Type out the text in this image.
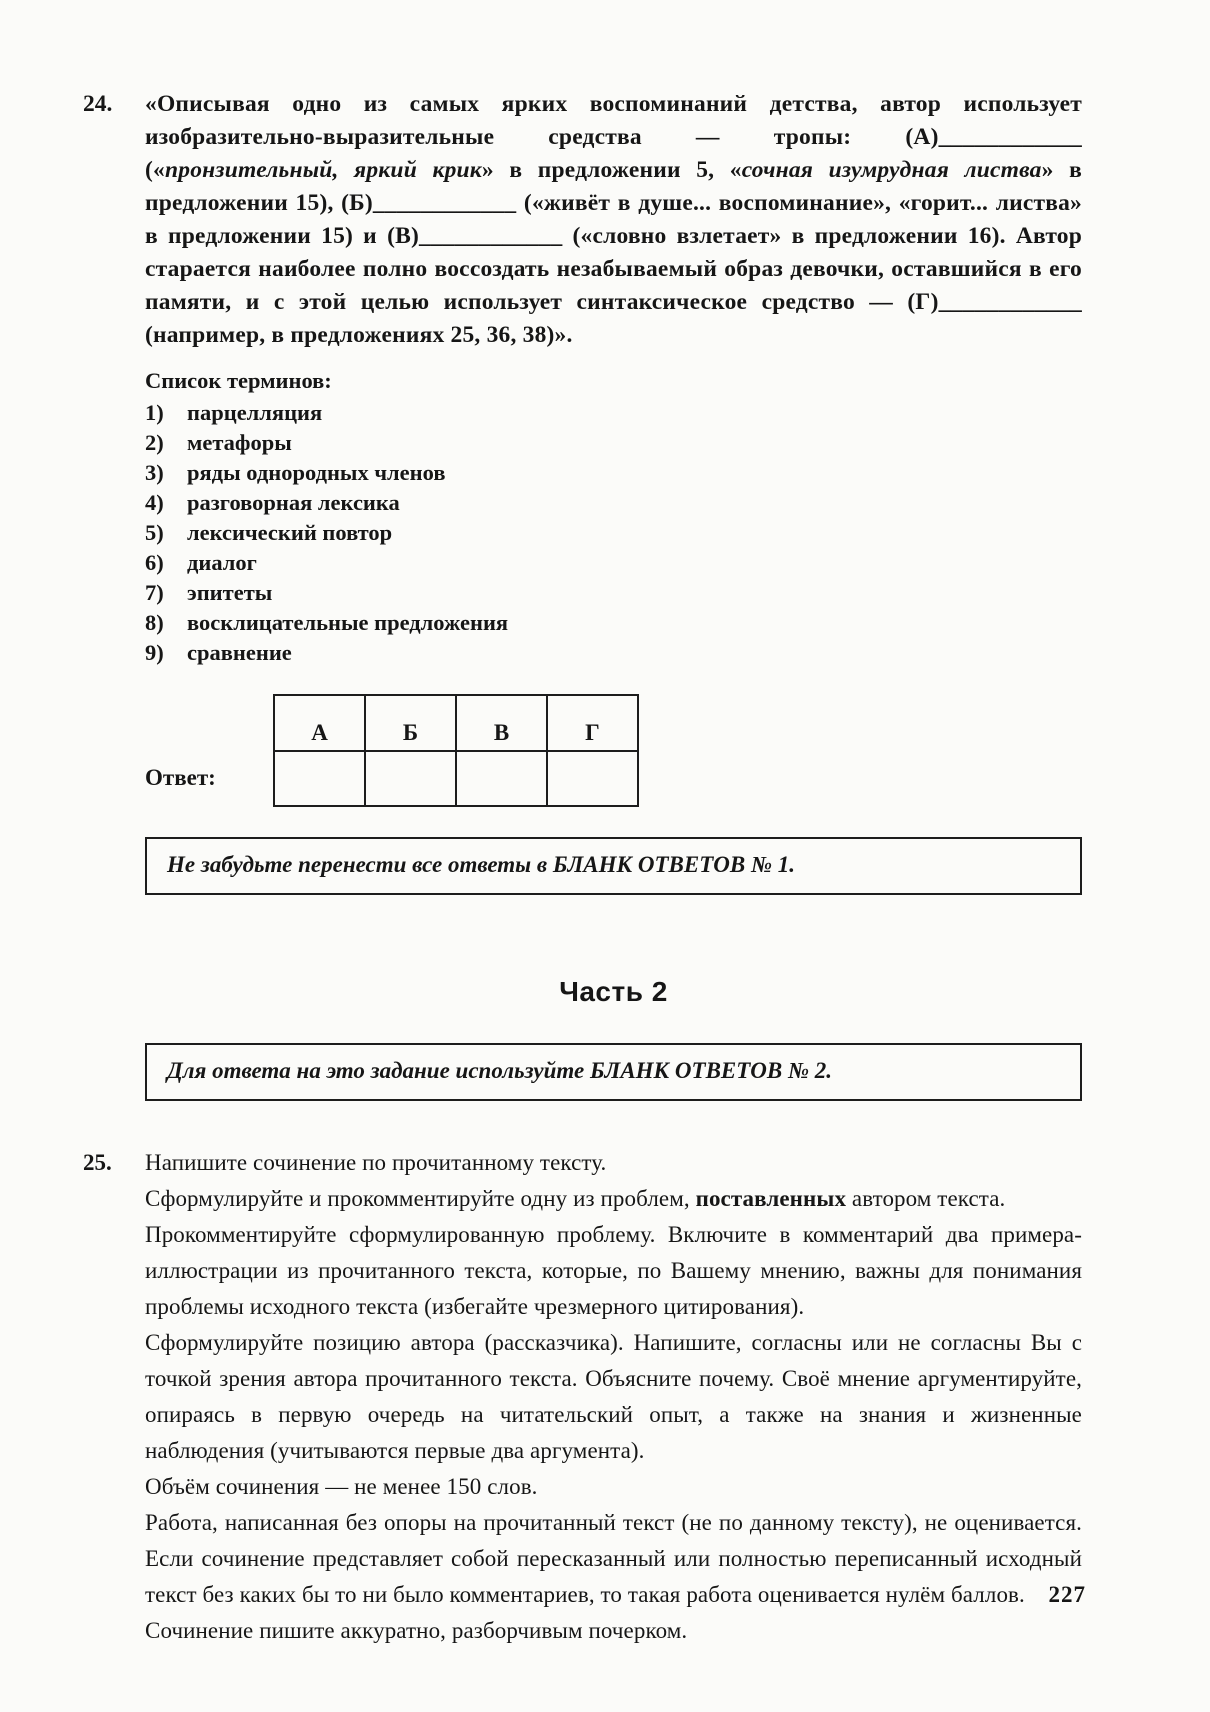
24. «Описывая одно из самых ярких воспоминаний детства, автор использует изобразительно-выразительные средства — тропы: (А)____________ («пронзительный, яркий крик» в предложении 5, «сочная изумрудная листва» в предложении 15), (Б)____________ («живёт в душе... воспоминание», «горит... листва» в предложении 15) и (В)____________ («словно взлетает» в предложении 16). Автор старается наиболее полно воссоздать незабываемый образ девочки, оставшийся в его памяти, и с этой целью использует синтаксическое средство — (Г)____________ (например, в предложениях 25, 36, 38)».

Список терминов:

1)	парцелляция
2)	метафоры
3)	ряды однородных членов
4)	разговорная лексика
5)	лексический повтор
6)	диалог
7)	эпитеты
8)	восклицательные предложения
9)	сравнение
Ответ:
А	Б	В	Г

Не забудьте перенести все ответы в БЛАНК ОТВЕТОВ № 1.
Часть 2
Для ответа на это задание используйте БЛАНК ОТВЕТОВ № 2.
25. Напишите сочинение по прочитанному тексту.

Сформулируйте и прокомментируйте одну из проблем, поставленных автором текста.

Прокомментируйте сформулированную проблему. Включите в комментарий два примера-иллюстрации из прочитанного текста, которые, по Вашему мнению, важны для понимания проблемы исходного текста (избегайте чрезмерного цитирования).

Сформулируйте позицию автора (рассказчика). Напишите, согласны или не согласны Вы с точкой зрения автора прочитанного текста. Объясните почему. Своё мнение аргументируйте, опираясь в первую очередь на читательский опыт, а также на знания и жизненные наблюдения (учитываются первые два аргумента).

Объём сочинения — не менее 150 слов.

Работа, написанная без опоры на прочитанный текст (не по данному тексту), не оценивается. Если сочинение представляет собой пересказанный или полностью переписанный исходный текст без каких бы то ни было комментариев, то такая работа оценивается нулём баллов.

Сочинение пишите аккуратно, разборчивым почерком.

227
